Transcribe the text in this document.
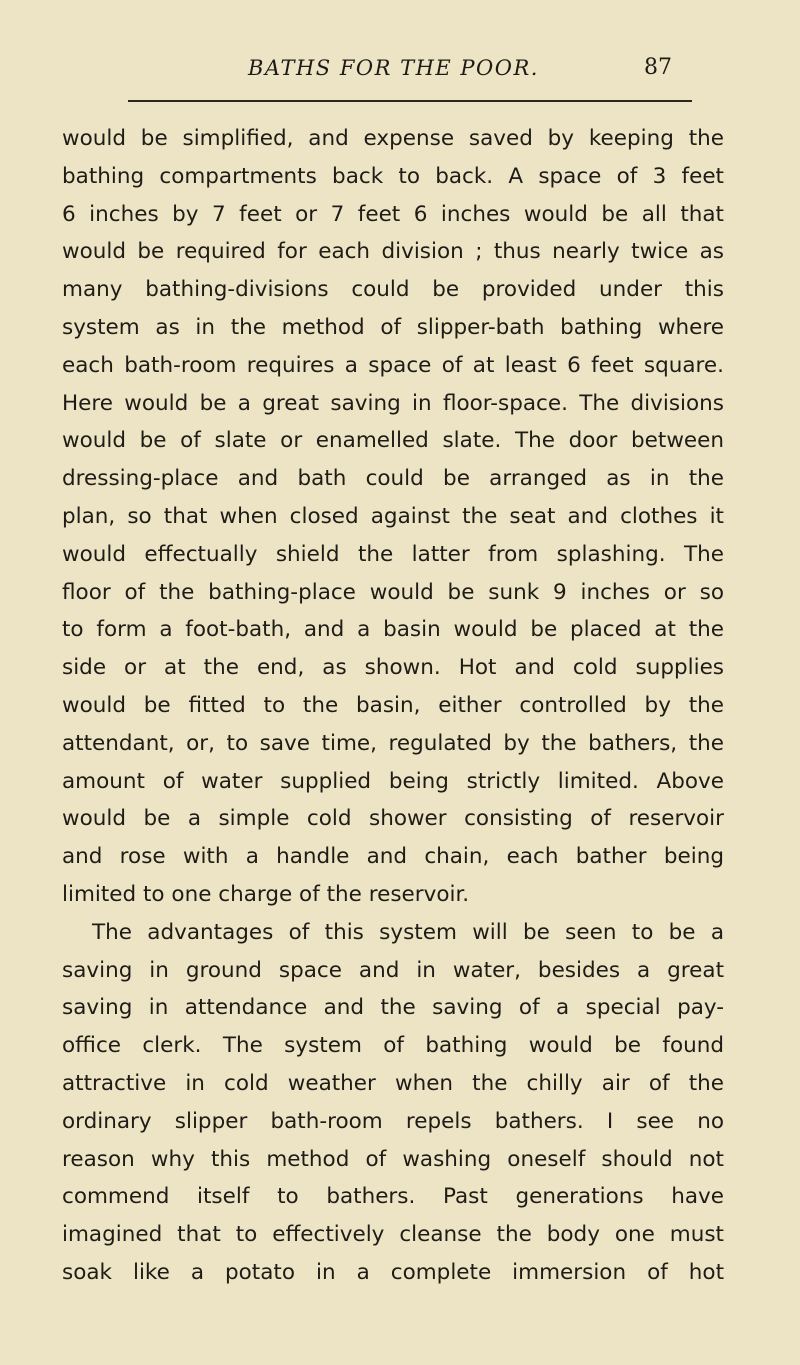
BATHS FOR THE POOR.	87
would be simplified, and expense saved by keeping the
bathing compartments back to back. A space of 3 feet
6 inches by 7 feet or 7 feet 6 inches would be all that
would be required for each division ; thus nearly twice as
many bathing-divisions could be provided under this
system as in the method of slipper-bath bathing where
each bath-room requires a space of at least 6 feet square.
Here would be a great saving in floor-space. The divisions
would be of slate or enamelled slate. The door between
dressing-place and bath could be arranged as in the
plan, so that when closed against the seat and clothes it
would effectually shield the latter from splashing. The
floor of the bathing-place would be sunk 9 inches or so
to form a foot-bath, and a basin would be placed at the
side or at the end, as shown. Hot and cold supplies
would be fitted to the basin, either controlled by the
attendant, or, to save time, regulated by the bathers, the
amount of water supplied being strictly limited. Above
would be a simple cold shower consisting of reservoir
and rose with a handle and chain, each bather being
limited to one charge of the reservoir.
The advantages of this system will be seen to be a
saving in ground space and in water, besides a great
saving in attendance and the saving of a special pay-
office clerk. The system of bathing would be found
attractive in cold weather when the chilly air of the
ordinary slipper bath-room repels bathers. I see no
reason why this method of washing oneself should not
commend itself to bathers. Past generations have
imagined that to effectively cleanse the body one must
soak like a potato in a complete immersion of hot
